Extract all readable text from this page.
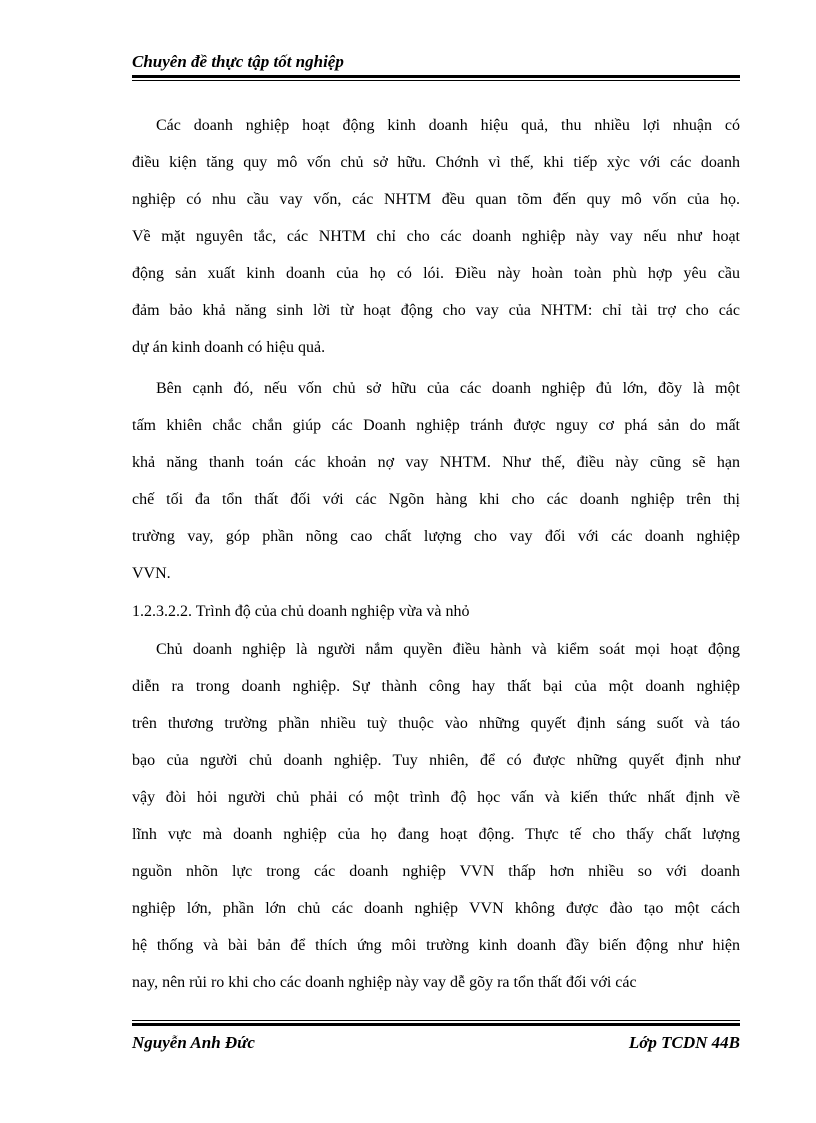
Chuyên đề thực tập tốt nghiệp
Các doanh nghiệp hoạt động kinh doanh hiệu quả, thu nhiều lợi nhuận có
điều kiện tăng quy mô vốn chủ sở hữu. Chớnh vì thế, khi tiếp xỳc với các doanh
nghiệp có nhu cầu vay vốn, các NHTM đều quan tõm đến quy mô vốn của họ.
Về mặt nguyên tắc, các NHTM chỉ cho các doanh nghiệp này vay nếu như hoạt
động sản xuất kinh doanh của họ có lói. Điều này hoàn toàn phù hợp yêu cầu
đảm bảo khả năng sinh lời từ hoạt động cho vay của NHTM: chỉ tài trợ cho các
dự án kinh doanh có hiệu quả.
Bên cạnh đó, nếu vốn chủ sở hữu của các doanh nghiệp đủ lớn, đõy là một
tấm khiên chắc chắn giúp các Doanh nghiệp tránh được nguy cơ phá sản do mất
khả năng thanh toán các khoản nợ vay NHTM. Như thế, điều này cũng sẽ hạn
chế tối đa tổn thất đối với các Ngõn hàng khi cho các doanh nghiệp trên thị
trường vay, góp phần nõng cao chất lượng cho vay đối với các doanh nghiệp
VVN.
1.2.3.2.2. Trình độ của chủ doanh nghiệp vừa và nhỏ
Chủ doanh nghiệp là người nắm quyền điều hành và kiểm soát mọi hoạt động
diễn ra trong doanh nghiệp. Sự thành công hay thất bại của một doanh nghiệp
trên thương trường phần nhiều tuỳ thuộc vào những quyết định sáng suốt và táo
bạo của người chủ doanh nghiệp. Tuy nhiên, để có được những quyết định như
vậy đòi hỏi người chủ phải có một trình độ học vấn và kiến thức nhất định về
lĩnh vực mà doanh nghiệp của họ đang hoạt động. Thực tế cho thấy chất lượng
nguồn nhõn lực trong các doanh nghiệp VVN thấp hơn nhiều so với doanh
nghiệp lớn, phần lớn chủ các doanh nghiệp VVN không được đào tạo một cách
hệ thống và bài bản để thích ứng môi trường kinh doanh đầy biến động như hiện
nay, nên rủi ro khi cho các doanh nghiệp này vay dễ gõy ra tổn thất đối với các
Nguyễn Anh Đức	Lớp TCDN 44B
